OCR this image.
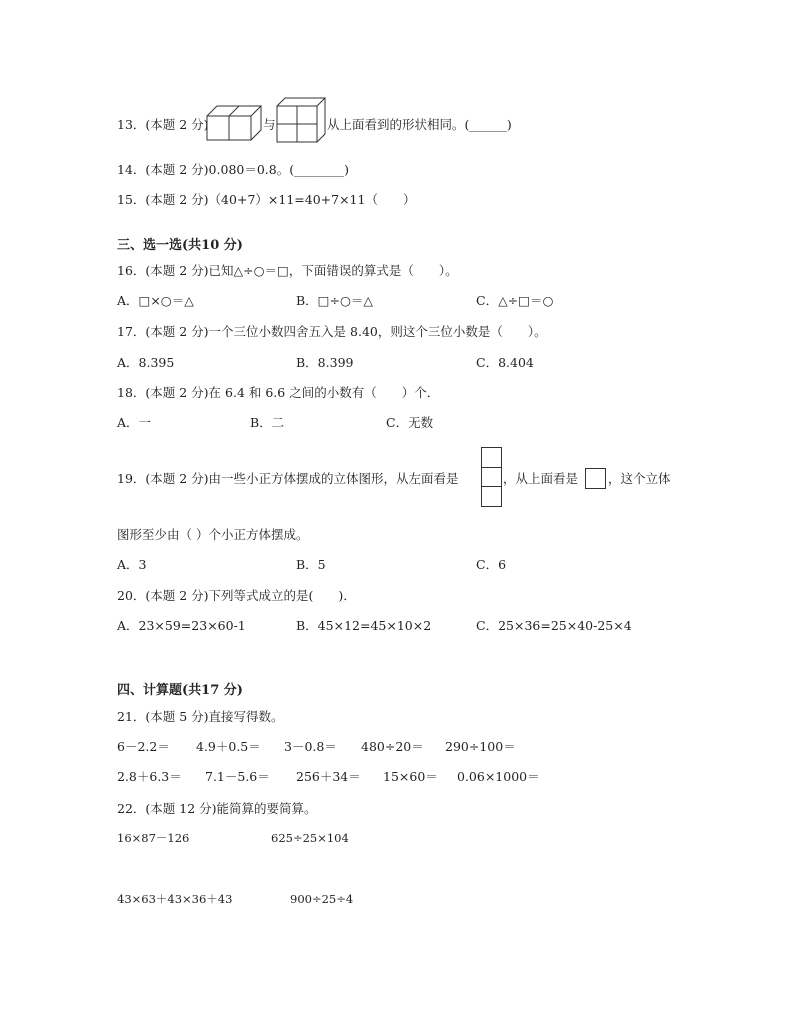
13．(本题 2 分)	与	从上面看到的形状相同。(______)
14．(本题 2 分)0.080＝0.8。(________)
15．(本题 2 分)（40+7）×11=40+7×11（　　）
三、选一选(共10 分)
16．(本题 2 分)已知△÷○＝□，下面错误的算式是（　　）。
A．□×○＝△	B．□÷○＝△	C．△÷□＝○
17．(本题 2 分)一个三位小数四舍五入是 8.40，则这个三位小数是（　　）。
A．8.395	B．8.399	C．8.404
18．(本题 2 分)在 6.4 和 6.6 之间的小数有（　　）个．
A．一	B．二	C．无数
19．(本题 2 分)由一些小正方体摆成的立体图形，从左面看是	，从上面看是 ，这个立体
图形至少由（ ）个小正方体摆成。
A．3	B．5	C．6
20．(本题 2 分)下列等式成立的是(　　)．
A．23×59=23×60-1	B．45×12=45×10×2	C．25×36=25×40-25×4
四、计算题(共17 分)
21．(本题 5 分)直接写得数。
6－2.2＝ 4.9＋0.5＝ 3－0.8＝ 480÷20＝ 290÷100＝
2.8＋6.3＝ 7.1－5.6＝ 256＋34＝ 15×60＝ 0.06×1000＝
22．(本题 12 分)能简算的要简算。
16×87－126	625÷25×104
43×63＋43×36＋43	900÷25÷4
